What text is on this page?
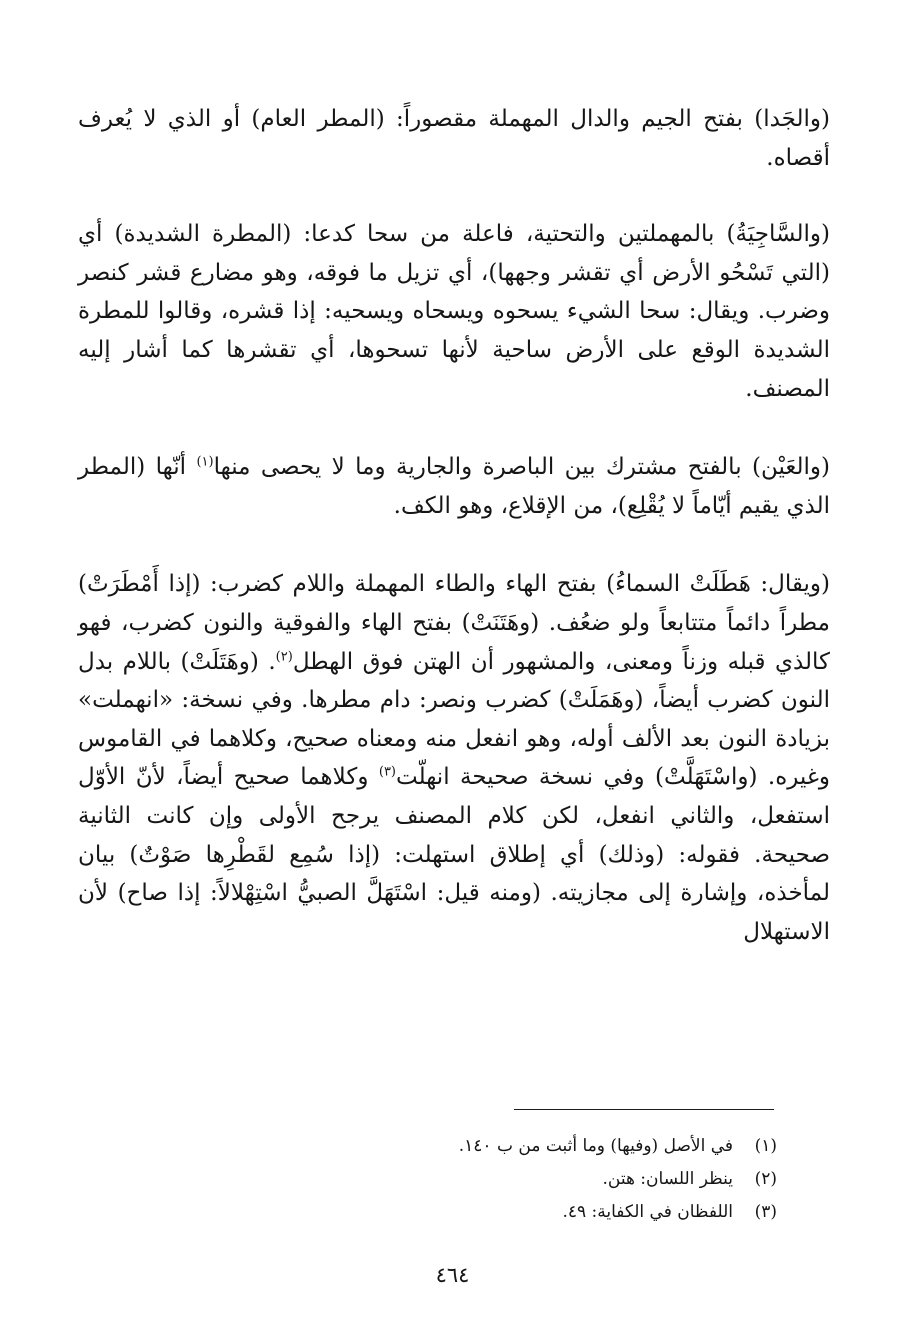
(والجَدا) بفتح الجيم والدال المهملة مقصوراً: (المطر العام) أو الذي لا يُعرف أقصاه.

(والسَّاجِيَةُ) بالمهملتين والتحتية، فاعلة من سحا كدعا: (المطرة الشديدة) أي (التي تَسْحُو الأرض أي تقشر وجهها)، أي تزيل ما فوقه، وهو مضارع قشر كنصر وضرب. ويقال: سحا الشيء يسحوه ويسحاه ويسحيه: إذا قشره، وقالوا للمطرة الشديدة الوقع على الأرض ساحية لأنها تسحوها، أي تقشرها كما أشار إليه المصنف.

(والعَيْن) بالفتح مشترك بين الباصرة والجارية وما لا يحصى منها$^{(١)}$ أنّها (المطر الذي يقيم أيّاماً لا يُقْلِع)، من الإقلاع، وهو الكف.

(ويقال: هَطَلَتْ السماءُ) بفتح الهاء والطاء المهملة واللام كضرب: (إذا أَمْطَرَتْ) مطراً دائماً متتابعاً ولو ضعُف. (وهَتَنَتْ) بفتح الهاء والفوقية والنون كضرب، فهو كالذي قبله وزناً ومعنى، والمشهور أن الهتن فوق الهطل$^{(٢)}$. (وهَتَلَتْ) باللام بدل النون كضرب أيضاً، (وهَمَلَتْ) كضرب ونصر: دام مطرها. وفي نسخة: «انهملت» بزيادة النون بعد الألف أوله، وهو انفعل منه ومعناه صحيح، وكلاهما في القاموس وغيره. (واسْتَهَلَّتْ) وفي نسخة صحيحة انهلّت$^{(٣)}$ وكلاهما صحيح أيضاً، لأنّ الأوّل استفعل، والثاني انفعل، لكن كلام المصنف يرجح الأولى وإن كانت الثانية صحيحة. فقوله: (وذلك) أي إطلاق استهلت: (إذا سُمِع لقَطْرِها صَوْتٌ) بيان لمأخذه، وإشارة إلى مجازيته. (ومنه قيل: اسْتَهَلَّ الصبيُّ اسْتِهْلالاً: إذا صاح) لأن الاستهلال

(١)في الأصل (وفيها) وما أثبت من ب ١٤٠.
(٢)ينظر اللسان: هتن.
(٣)اللفظان في الكفاية: ٤٩.
٤٦٤
